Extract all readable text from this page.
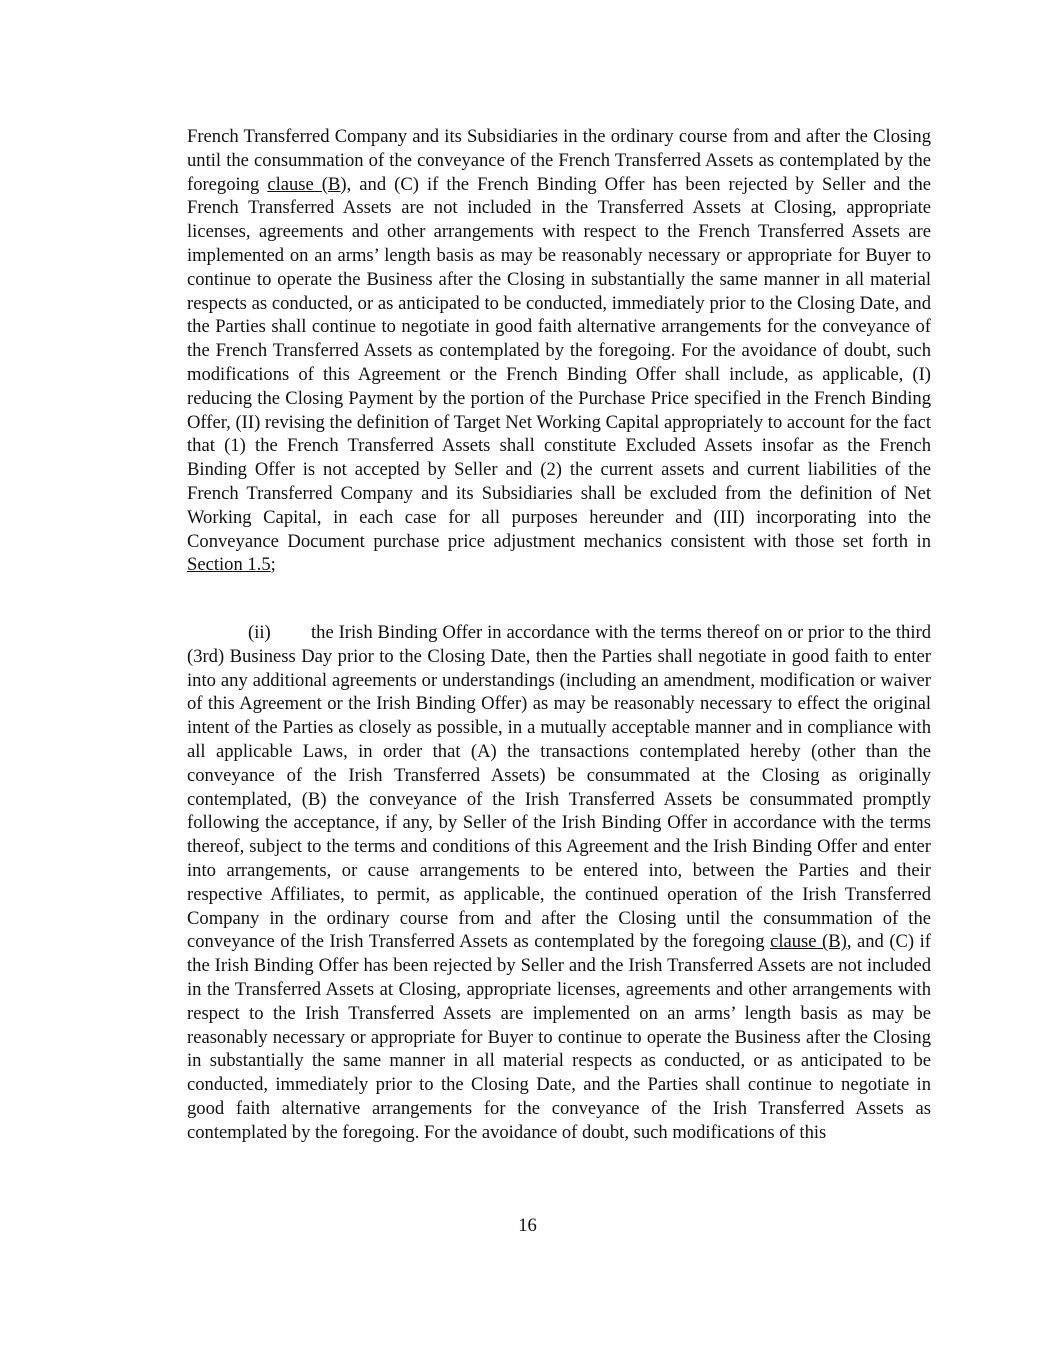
French Transferred Company and its Subsidiaries in the ordinary course from and after the Closing until the consummation of the conveyance of the French Transferred Assets as contemplated by the foregoing clause (B), and (C) if the French Binding Offer has been rejected by Seller and the French Transferred Assets are not included in the Transferred Assets at Closing, appropriate licenses, agreements and other arrangements with respect to the French Transferred Assets are implemented on an arms’ length basis as may be reasonably necessary or appropriate for Buyer to continue to operate the Business after the Closing in substantially the same manner in all material respects as conducted, or as anticipated to be conducted, immediately prior to the Closing Date, and the Parties shall continue to negotiate in good faith alternative arrangements for the conveyance of the French Transferred Assets as contemplated by the foregoing. For the avoidance of doubt, such modifications of this Agreement or the French Binding Offer shall include, as applicable, (I) reducing the Closing Payment by the portion of the Purchase Price specified in the French Binding Offer, (II) revising the definition of Target Net Working Capital appropriately to account for the fact that (1) the French Transferred Assets shall constitute Excluded Assets insofar as the French Binding Offer is not accepted by Seller and (2) the current assets and current liabilities of the French Transferred Company and its Subsidiaries shall be excluded from the definition of Net Working Capital, in each case for all purposes hereunder and (III) incorporating into the Conveyance Document purchase price adjustment mechanics consistent with those set forth in Section 1.5;
(ii) the Irish Binding Offer in accordance with the terms thereof on or prior to the third (3rd) Business Day prior to the Closing Date, then the Parties shall negotiate in good faith to enter into any additional agreements or understandings (including an amendment, modification or waiver of this Agreement or the Irish Binding Offer) as may be reasonably necessary to effect the original intent of the Parties as closely as possible, in a mutually acceptable manner and in compliance with all applicable Laws, in order that (A) the transactions contemplated hereby (other than the conveyance of the Irish Transferred Assets) be consummated at the Closing as originally contemplated, (B) the conveyance of the Irish Transferred Assets be consummated promptly following the acceptance, if any, by Seller of the Irish Binding Offer in accordance with the terms thereof, subject to the terms and conditions of this Agreement and the Irish Binding Offer and enter into arrangements, or cause arrangements to be entered into, between the Parties and their respective Affiliates, to permit, as applicable, the continued operation of the Irish Transferred Company in the ordinary course from and after the Closing until the consummation of the conveyance of the Irish Transferred Assets as contemplated by the foregoing clause (B), and (C) if the Irish Binding Offer has been rejected by Seller and the Irish Transferred Assets are not included in the Transferred Assets at Closing, appropriate licenses, agreements and other arrangements with respect to the Irish Transferred Assets are implemented on an arms’ length basis as may be reasonably necessary or appropriate for Buyer to continue to operate the Business after the Closing in substantially the same manner in all material respects as conducted, or as anticipated to be conducted, immediately prior to the Closing Date, and the Parties shall continue to negotiate in good faith alternative arrangements for the conveyance of the Irish Transferred Assets as contemplated by the foregoing. For the avoidance of doubt, such modifications of this
16
